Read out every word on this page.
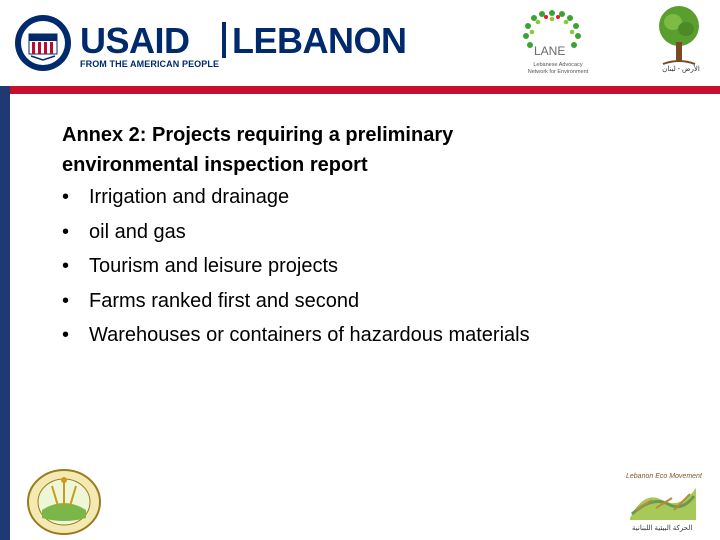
USAID LEBANON
FROM THE AMERICAN PEOPLE
LANE
Lebanese Advocacy
Network for Environment	الأرض - لبنان

Annex 2: Projects requiring a preliminary
environmental inspection report

• Irrigation and drainage
• oil and gas
• Tourism and leisure projects
• Farms ranked first and second
• Warehouses or containers of hazardous materials
Lebanon Eco Movement
الحركة البيئية اللبنانية
